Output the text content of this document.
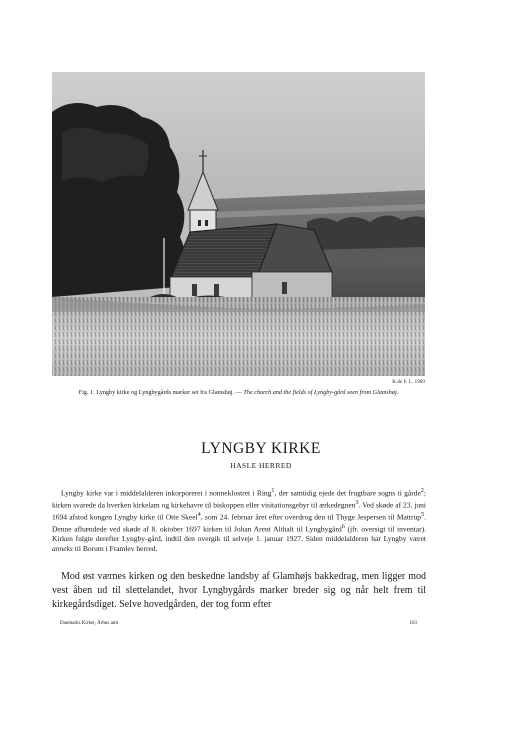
K.de F. L. 1969
Fig. 1. Lyngby kirke og Lyngbygårds marker set fra Glamshøj. — The church and the fields of Lyngby-gård seen from Glamshøj.
LYNGBY KIRKE
HASLE HERRED
Lyngby kirke var i middelalderen inkorporeret i nonneklostret i Ring$^1$, der samtidig ejede det frugtbare sogns ti gårde$^2$; kirken svarede da hverken kirkelam og kirkehavre til biskoppen eller visitationsgebyr til ærkedegnen$^3$. Ved skøde af 23. juni 1694 afstod kongen Lyngby kirke til Otte Skeel$^4$, som 24. februar året efter overdrog den til Thyge Jespersen til Mattrup$^5$. Denne afhændede ved skøde af 8. oktober 1697 kirken til Johan Arent Althalt til Lyngbygård$^6$ (jfr. oversigt til inventar). Kirken fulgte derefter Lyngby-gård, indtil den overgik til selveje 1. januar 1927. Siden middelalderen har Lyngby været anneks til Borum i Framlev herred.
Mod øst værnes kirken og den beskedne landsby af Glamhøjs bakkedrag, men ligger mod vest åben ud til slettelandet, hvor Lyngbygårds marker breder sig og når helt frem til kirkegårdsdiget. Selve hovedgården, der tog form efter
Danmarks Kirker, Århus amt	103
